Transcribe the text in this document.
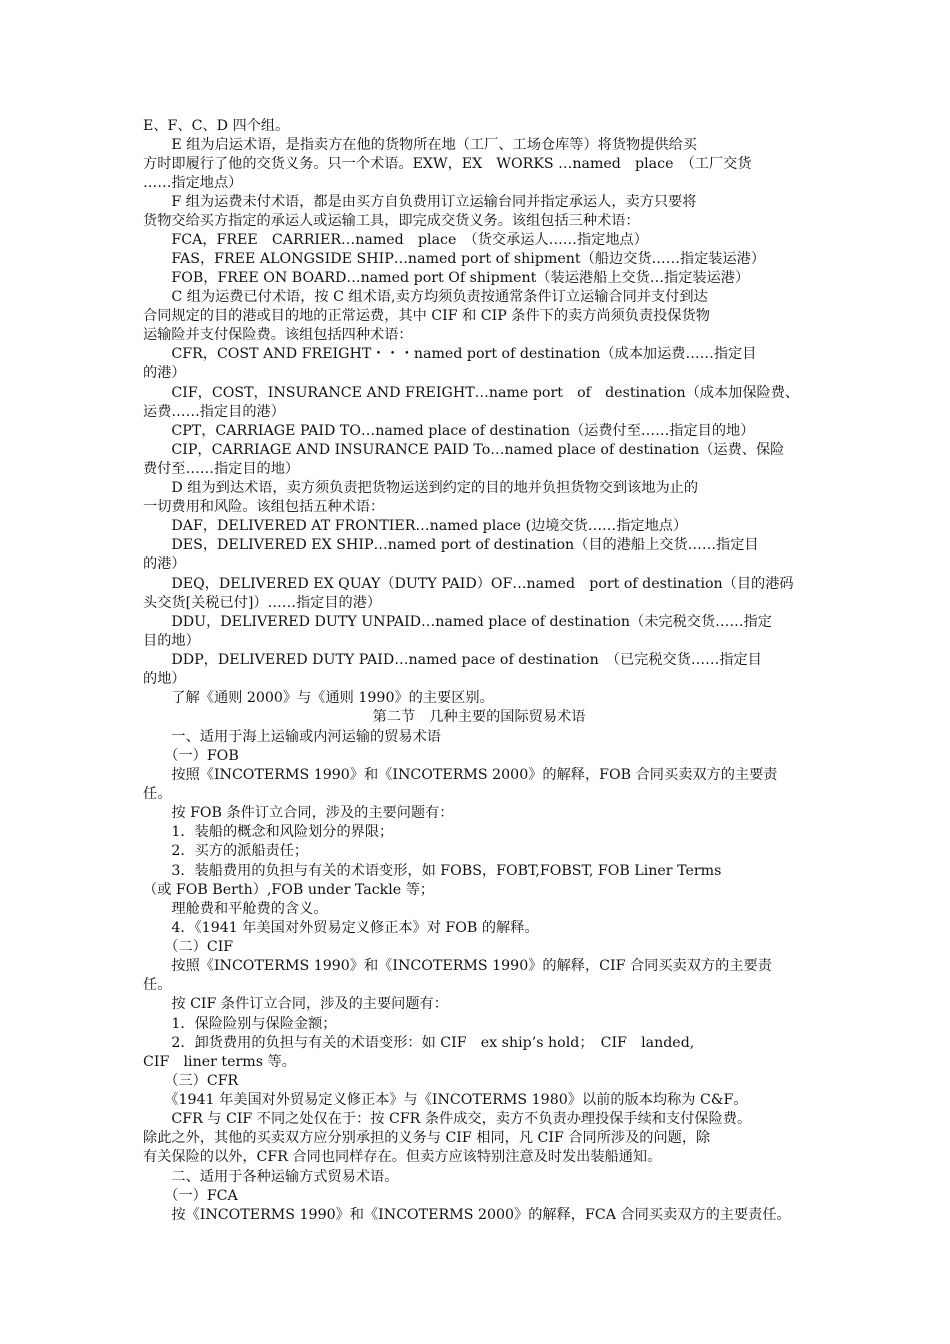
E、F、C、D 四个组。
　　E 组为启运术语，是指卖方在他的货物所在地（工厂、工场仓库等）将货物提供给买
方时即履行了他的交货义务。只一个术语。EXW，EX　WORKS …named　place　（工厂交货
……指定地点）
　　F 组为运费未付术语，都是由买方自负费用订立运输台同并指定承运人，卖方只要将
货物交给买方指定的承运人或运输工具，即完成交货义务。该组包括三种术语：
　　FCA，FREE　CARRIER…named　place　（货交承运人……指定地点）
　　FAS，FREE ALONGSIDE SHIP…named port of shipment（船边交货……指定装运港）
　　FOB，FREE ON BOARD…named port Of shipment（装运港船上交货…指定装运港）
　　C 组为运费已付术语，按 C 组术语,卖方均须负责按通常条件订立运输合同并支付到达
合同规定的目的港或目的地的正常运费，其中 CIF 和 CIP 条件下的卖方尚须负责投保货物
运输险并支付保险费。该组包括四种术语：
　　CFR，COST AND FREIGHT・・・named port of destination（成本加运费……指定目
的港）
　　CIF，COST，INSURANCE AND FREIGHT…name port　of　destination（成本加保险费、
运费……指定目的港）
　　CPT，CARRIAGE PAID TO…named place of destination（运费付至……指定目的地）
　　CIP，CARRIAGE AND INSURANCE PAID To…named place of destination（运费、保险
费付至……指定目的地）
　　D 组为到达术语，卖方须负责把货物运送到约定的目的地并负担货物交到该地为止的
一切费用和风险。该组包括五种术语：
　　DAF，DELIVERED AT FRONTIER…named place (边境交货……指定地点）
　　DES，DELIVERED EX SHIP…named port of destination（目的港船上交货……指定目
的港）
　　DEQ，DELIVERED EX QUAY（DUTY PAID）OF…named　port of destination（目的港码
头交货[关税已付]）……指定目的港）
　　DDU，DELIVERED DUTY UNPAID…named place of destination（未完税交货……指定
目的地）
　　DDP，DELIVERED DUTY PAID…named pace of destination　（已完税交货……指定目
的地）
　　了解《通则 2000》与《通则 1990》的主要区别。
第二节　几种主要的国际贸易术语
　　一、适用于海上运输或内河运输的贸易术语
　　（一）FOB
　　按照《INCOTERMS 1990》和《INCOTERMS 2000》的解释，FOB 合同买卖双方的主要责
任。
　　按 FOB 条件订立合同，涉及的主要问题有：
　　1．装船的概念和风险划分的界限；
　　2．买方的派船责任；
　　3．装船费用的负担与有关的术语变形，如 FOBS，FOBT,FOBST, FOB Liner Terms
（或 FOB Berth）,FOB under Tackle 等；
　　理舱费和平舱费的含义。
　　4．《1941 年美国对外贸易定义修正本》对 FOB 的解释。
　　（二）CIF
　　按照《INCOTERMS 1990》和《INCOTERMS 1990》的解释，CIF 合同买卖双方的主要责
任。
　　按 CIF 条件订立合同，涉及的主要问题有：
　　1．保险险别与保险金额；
　　2．卸货费用的负担与有关的术语变形：如 CIF　ex ship’s hold；　CIF　landed,
CIF　liner terms 等。
　　（三）CFR
　　《1941 年美国对外贸易定义修正本》与《INCOTERMS 1980》以前的版本均称为 C&F。
　　CFR 与 CIF 不同之处仅在于：按 CFR 条件成交，卖方不负责办理投保手续和支付保险费。
除此之外，其他的买卖双方应分别承担的义务与 CIF 相同，凡 CIF 合同所涉及的问题，除
有关保险的以外，CFR 合同也同样存在。但卖方应该特别注意及时发出装船通知。
　　二、适用于各种运输方式贸易术语。
　　（一）FCA
　　按《INCOTERMS 1990》和《INCOTERMS 2000》的解释，FCA 合同买卖双方的主要责任。
